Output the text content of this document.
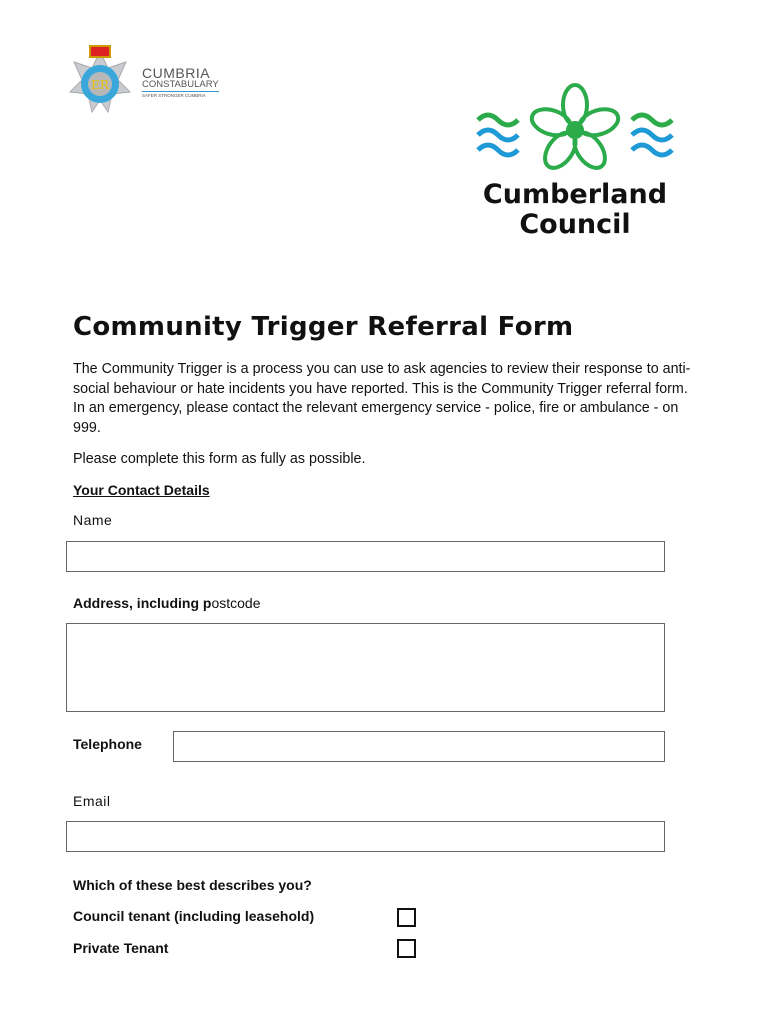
ER
CUMBRIA
CONSTABULARY
SAFER STRONGER CUMBRIA
Cumberland
Council
Community Trigger Referral Form
The Community Trigger is a process you can use to ask agencies to review their response to anti-social behaviour or hate incidents you have reported. This is the Community Trigger referral form. In an emergency, please contact the relevant emergency service - police, fire or ambulance - on 999.
Please complete this form as fully as possible.
Your Contact Details
Name
Address, including postcode
Telephone
Email
Which of these best describes you?
Council tenant (including leasehold)
Private Tenant
